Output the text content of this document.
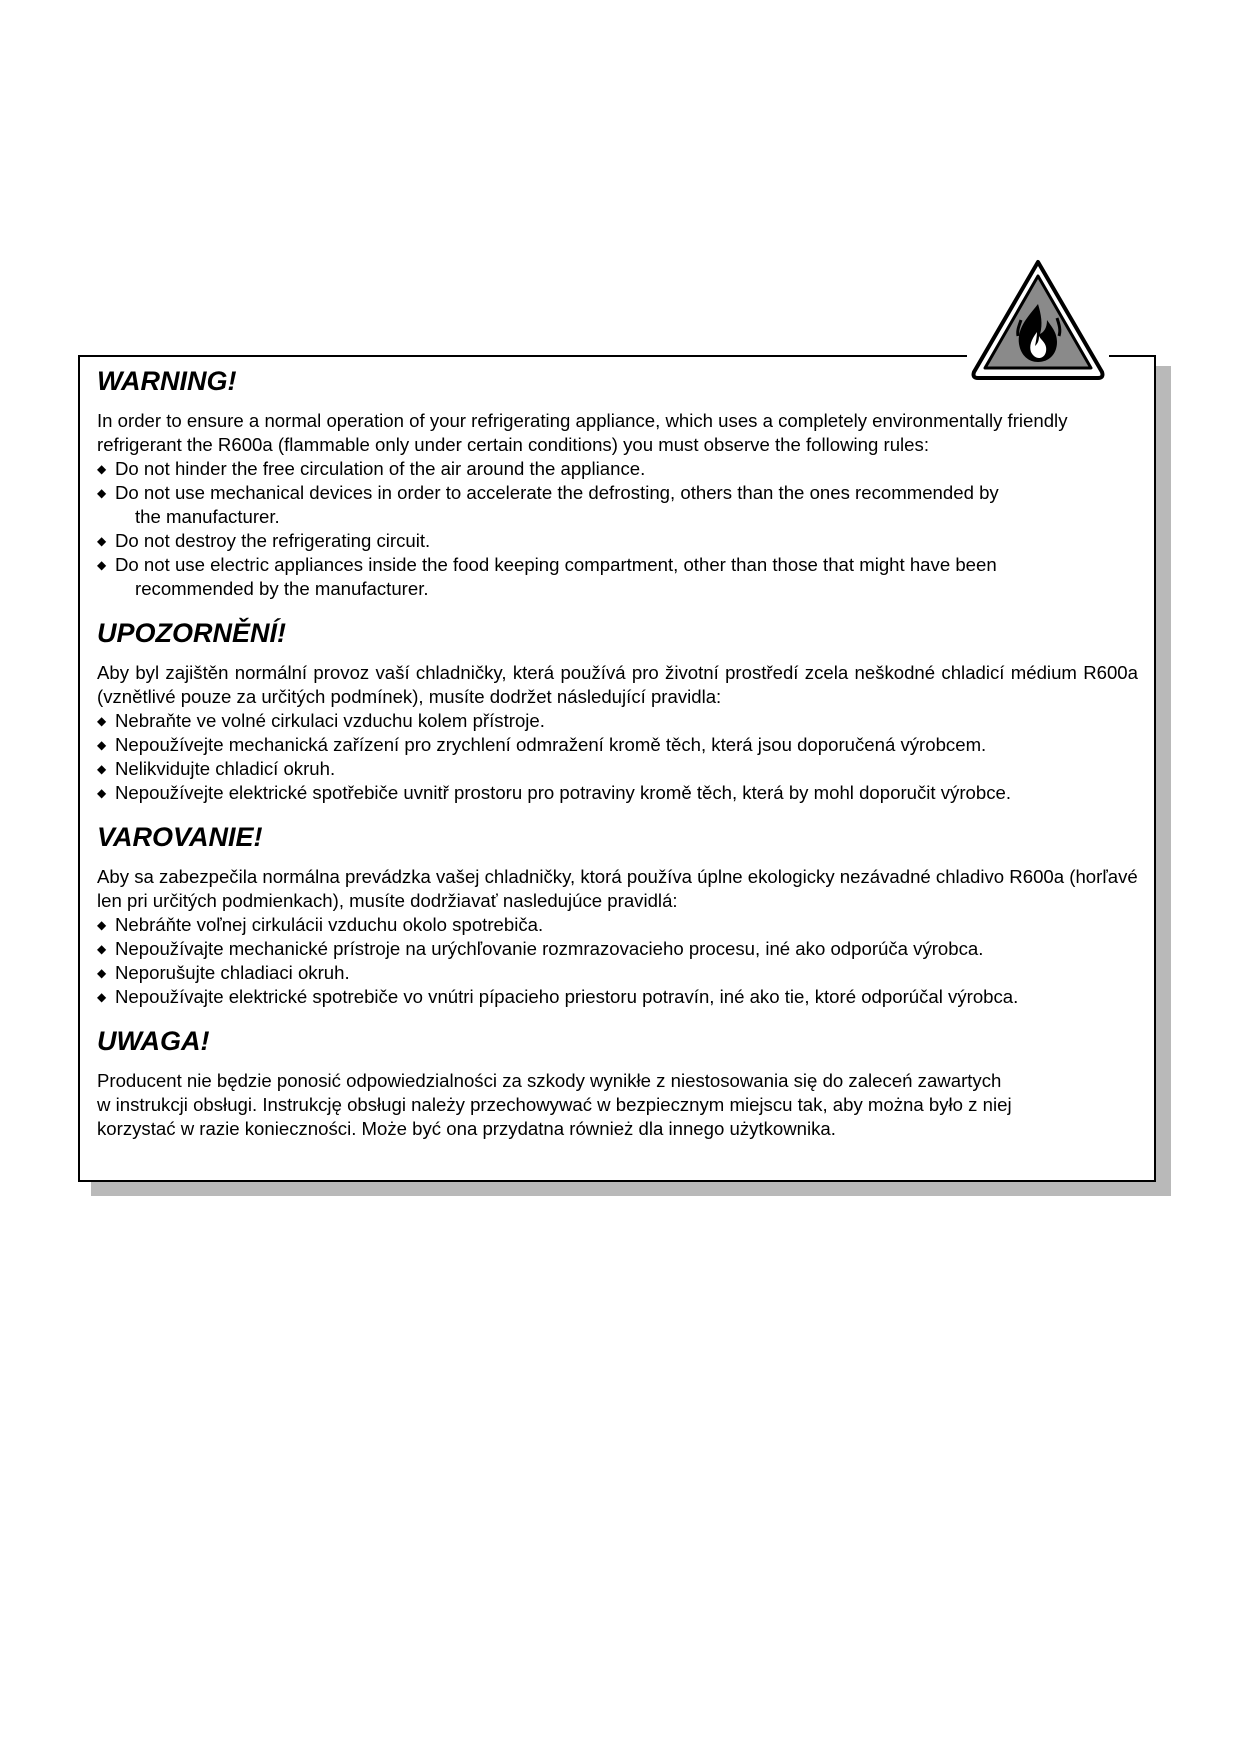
WARNING!

In order to ensure a normal operation of your refrigerating appliance, which uses a completely environmentally friendly refrigerant the R600a (flammable only under certain conditions) you must observe the following rules:

◆ Do not hinder the free circulation of the air around the appliance.
◆ Do not use mechanical devices in order to accelerate the defrosting, others than the ones recommended by
the manufacturer.
◆ Do not destroy the refrigerating circuit.
◆ Do not use electric appliances inside the food keeping compartment, other than those that might have been
recommended by the manufacturer.
UPOZORNĚNÍ!

Aby byl zajištěn normální provoz vaší chladničky, která používá pro životní prostředí zcela neškodné chladicí médium R600a (vznětlivé pouze za určitých podmínek), musíte dodržet následující pravidla:

◆ Nebraňte ve volné cirkulaci vzduchu kolem přístroje.
◆ Nepoužívejte mechanická zařízení pro zrychlení odmražení kromě těch, která jsou doporučená výrobcem.
◆ Nelikvidujte chladicí okruh.
◆ Nepoužívejte elektrické spotřebiče uvnitř prostoru pro potraviny kromě těch, která by mohl doporučit výrobce.
VAROVANIE!

Aby sa zabezpečila normálna prevádzka vašej chladničky, ktorá používa úplne ekologicky nezávadné chladivo R600a (horľavé len pri určitých podmienkach), musíte dodržiavať nasledujúce pravidlá:

◆ Nebráňte voľnej cirkulácii vzduchu okolo spotrebiča.
◆ Nepoužívajte mechanické prístroje na urýchľovanie rozmrazovacieho procesu, iné ako odporúča výrobca.
◆ Neporušujte chladiaci okruh.
◆ Nepoužívajte elektrické spotrebiče vo vnútri pípacieho priestoru potravín, iné ako tie, ktoré odporúčal výrobca.
UWAGA!

Producent nie będzie ponosić odpowiedzialności za szkody wynikłe z niestosowania się do zaleceń zawartych
w instrukcji obsługi. Instrukcję obsługi należy przechowywać w bezpiecznym miejscu tak, aby można było z niej
korzystać w razie konieczności. Może być ona przydatna również dla innego użytkownika.
